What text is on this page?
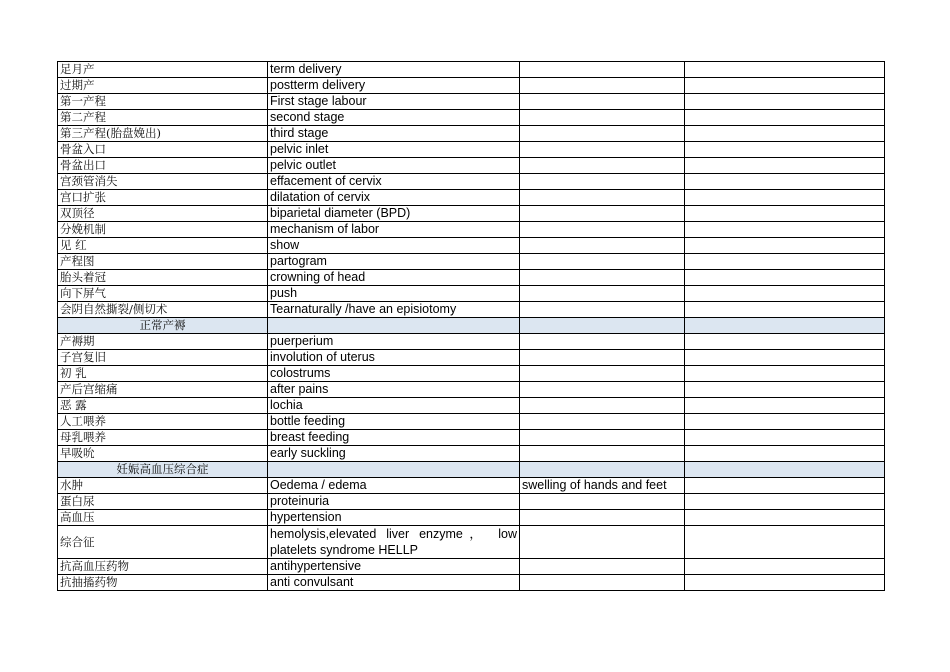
足月产	term delivery		
过期产	postterm delivery		
第一产程	First stage labour		
第二产程	second stage		
第三产程(胎盘娩出)	third stage		
骨盆入口	pelvic inlet		
骨盆出口	pelvic outlet		
宫颈管消失	effacement of cervix		
宫口扩张	dilatation of cervix		
双顶径	biparietal diameter (BPD)		
分娩机制	mechanism of labor		
见 红	show		
产程图	partogram		
胎头着冠	crowning of head		
向下屏气	push		
会阴自然撕裂/侧切术	Tearnaturally /have an episiotomy		
正常产褥			
产褥期	puerperium		
子宫复旧	involution of uterus		
初 乳	colostrums		
产后宫缩痛	after pains		
恶 露	lochia		
人工喂养	bottle feeding		
母乳喂养	breast feeding		
早吸吮	early suckling		
妊娠高血压综合症			
水肿	Oedema / edema	swelling of hands and feet	
蛋白尿	proteinuria		
高血压	hypertension		
综合征	hemolysis,elevated liver enzyme， low platelets syndrome HELLP		
抗高血压药物	antihypertensive		
抗抽搐药物	anti convulsant		
